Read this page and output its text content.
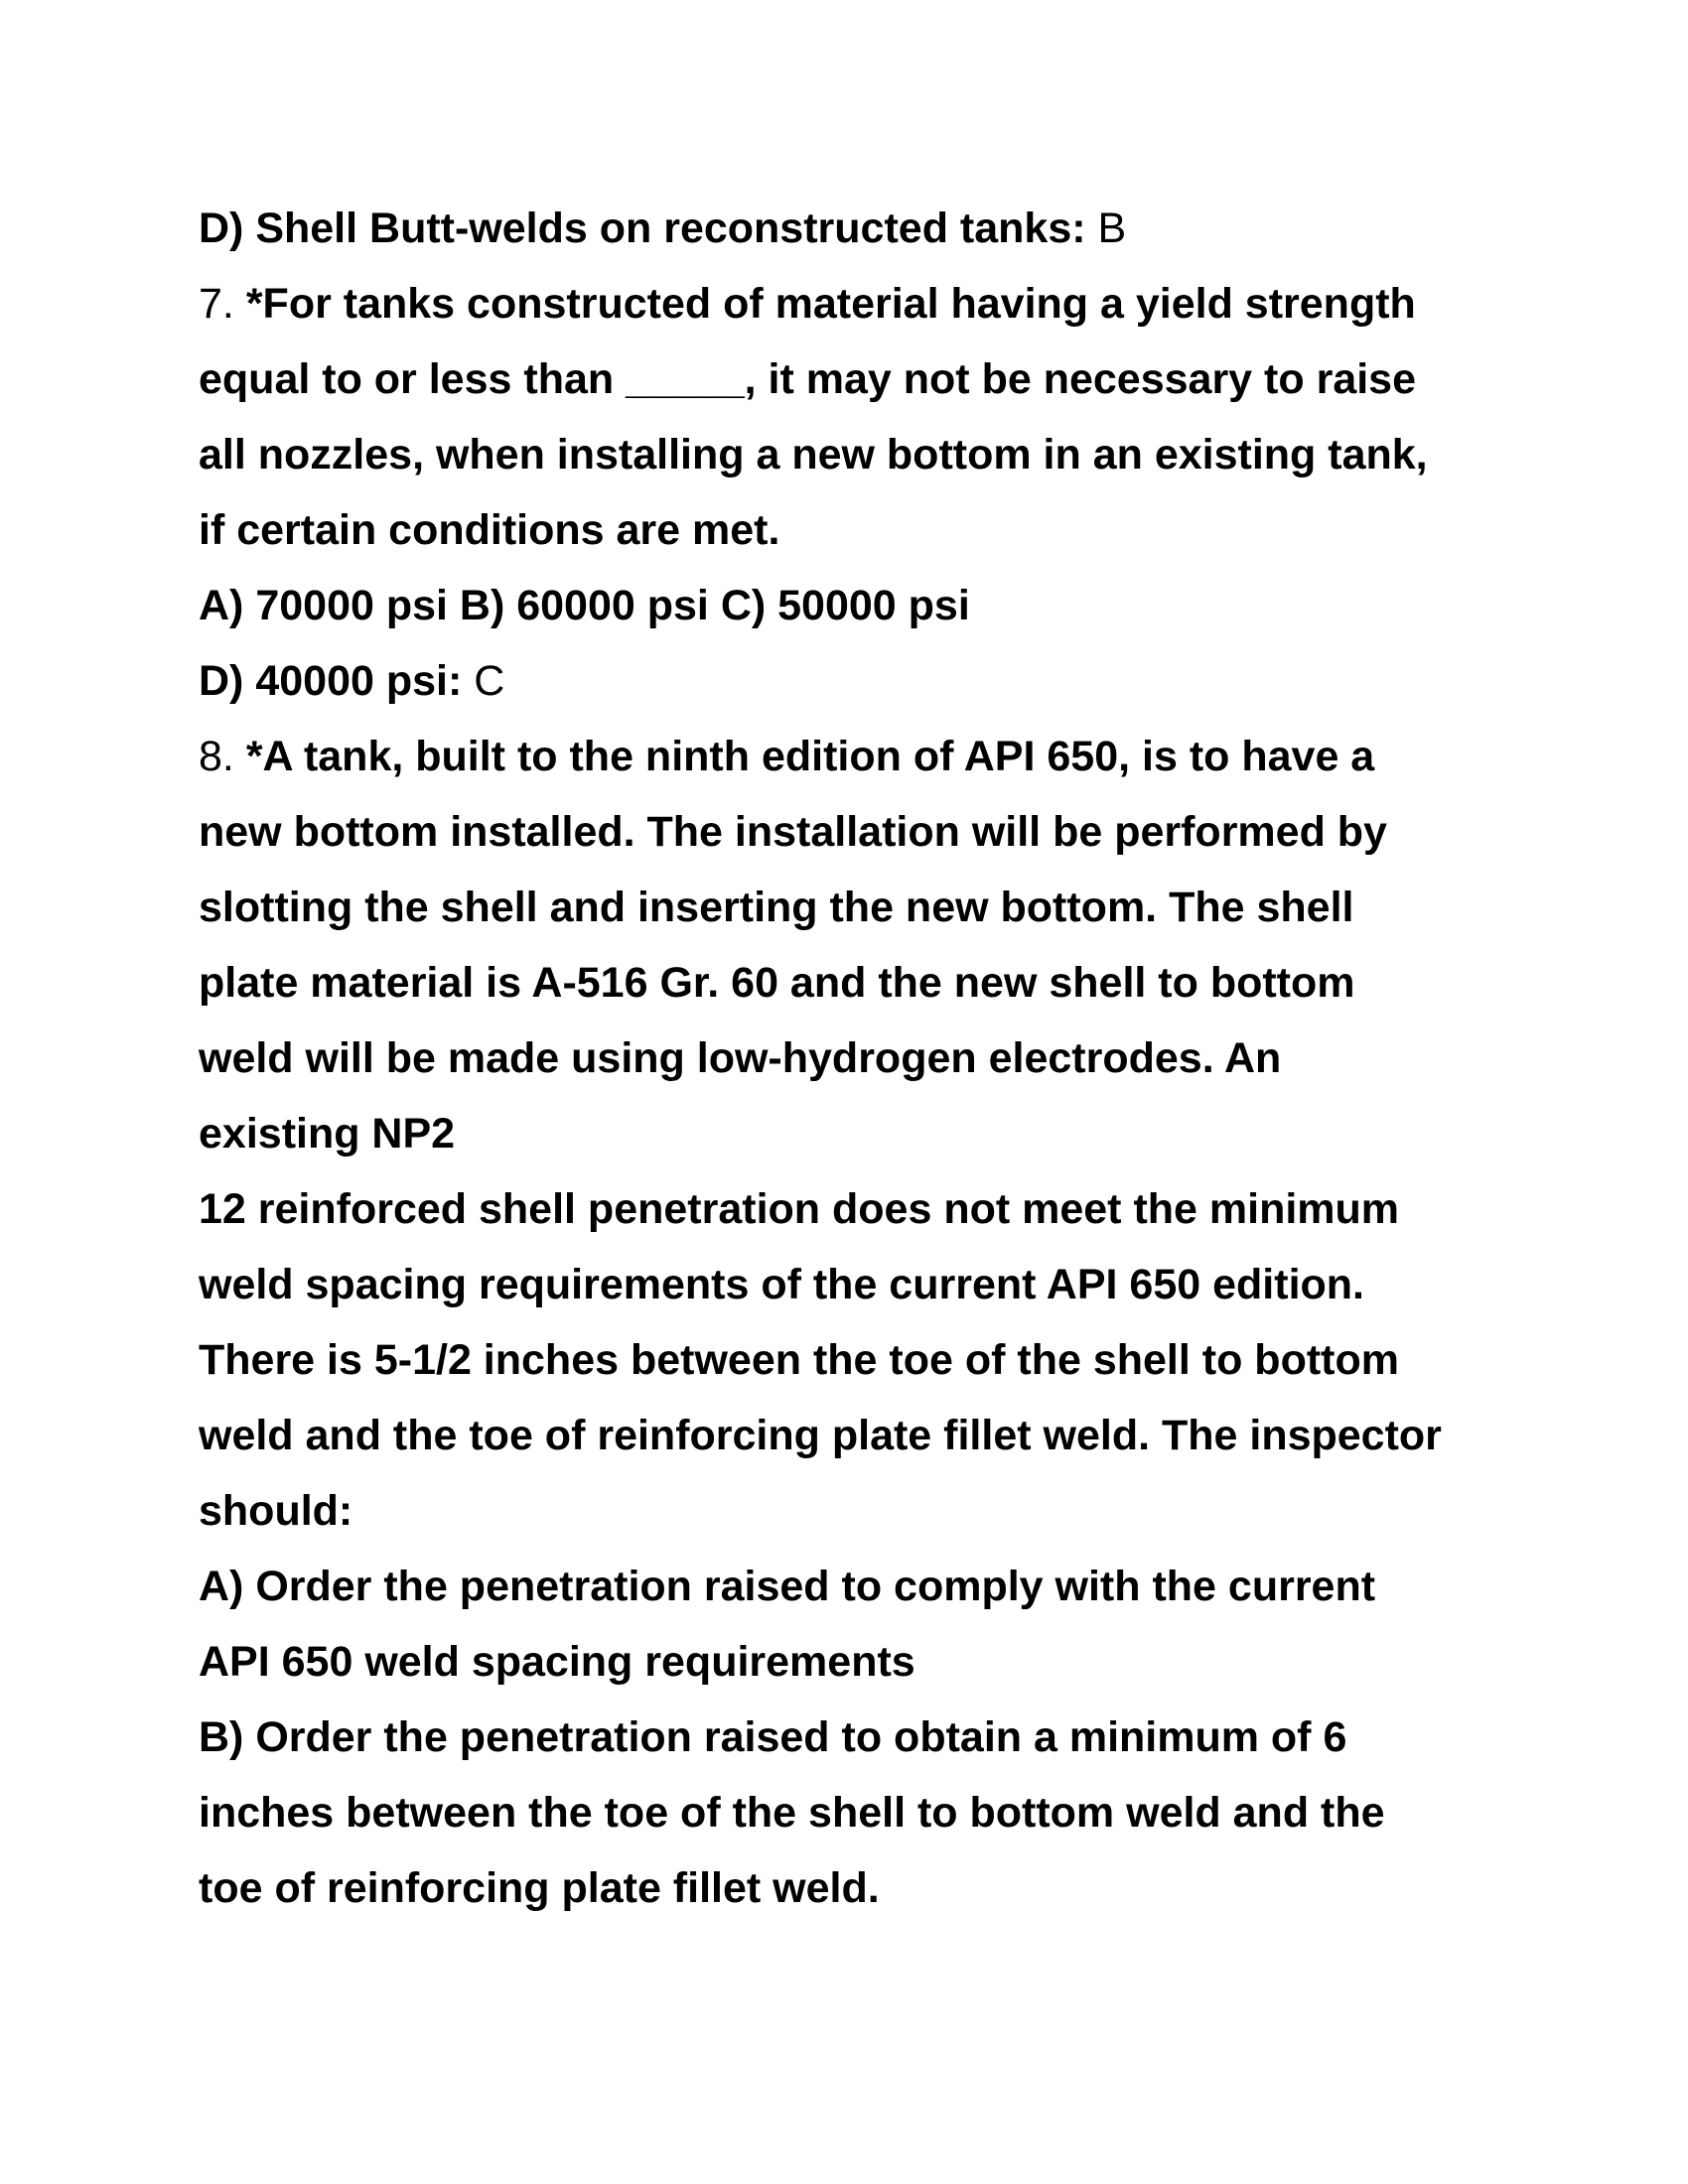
D) Shell Butt-welds on reconstructed tanks: B
7. *For tanks constructed of material having a yield strength
equal to or less than _____, it may not be necessary to raise
all nozzles, when installing a new bottom in an existing tank,
if certain conditions are met.
A) 70000 psi B) 60000 psi C) 50000 psi
D) 40000 psi: C
8. *A tank, built to the ninth edition of API 650, is to have a
new bottom installed. The installation will be performed by
slotting the shell and inserting the new bottom. The shell
plate material is A-516 Gr. 60 and the new shell to bottom
weld will be made using low-hydrogen electrodes. An
existing NP2
12 reinforced shell penetration does not meet the minimum
weld spacing requirements of the current API 650 edition.
There is 5-1/2 inches between the toe of the shell to bottom
weld and the toe of reinforcing plate fillet weld. The inspector
should:
A) Order the penetration raised to comply with the current
API 650 weld spacing requirements
B) Order the penetration raised to obtain a minimum of 6
inches between the toe of the shell to bottom weld and the
toe of reinforcing plate fillet weld.
